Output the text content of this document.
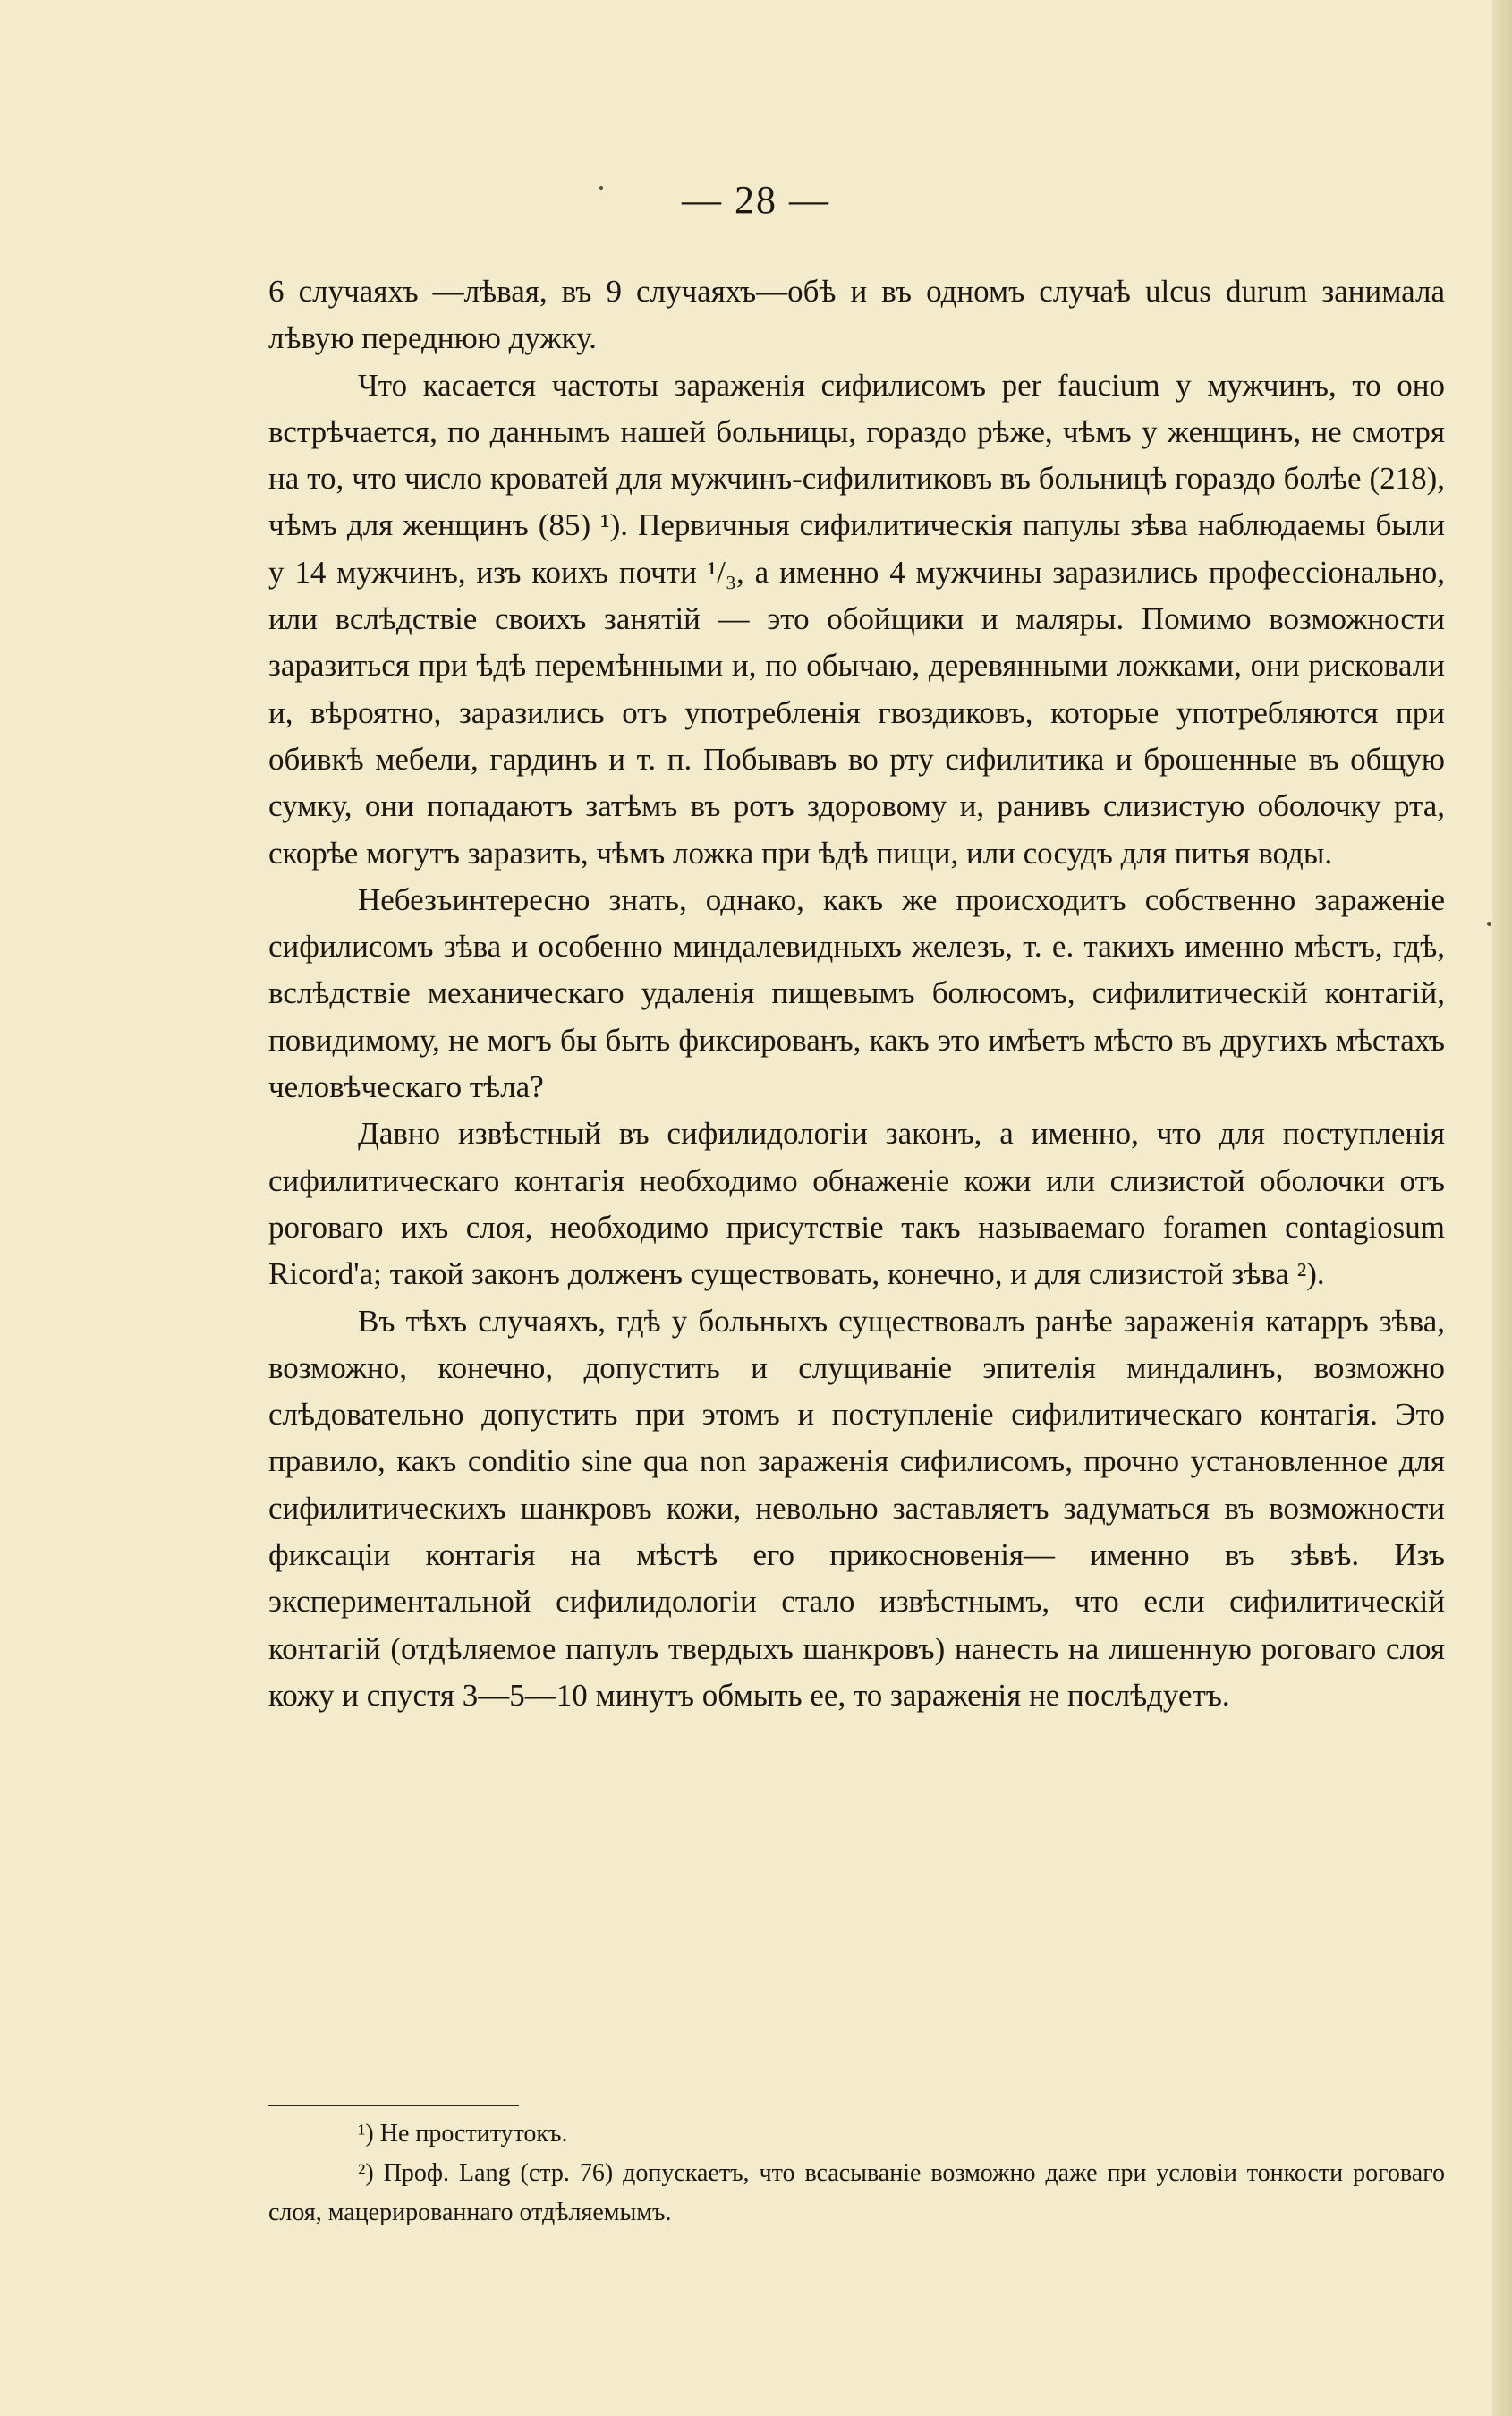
— 28 —

6 случаяхъ —лѣвая, въ 9 случаяхъ—обѣ и въ одномъ случаѣ ulcus durum занимала лѣвую переднюю дужку.

Что касается частоты зараженія сифилисомъ per faucium у мужчинъ, то оно встрѣчается, по даннымъ нашей больницы, гораздо рѣже, чѣмъ у женщинъ, не смотря на то, что число кроватей для мужчинъ-сифилитиковъ въ больницѣ гораздо болѣе (218), чѣмъ для женщинъ (85) ¹). Первичныя сифилитическія папулы зѣва наблюдаемы были у 14 мужчинъ, изъ коихъ почти ¹/₃, а именно 4 мужчины заразились профессіонально, или вслѣдствіе своихъ занятій — это обойщики и маляры. Помимо возможности заразиться при ѣдѣ перемѣнными и, по обычаю, деревянными ложками, они рисковали и, вѣроятно, заразились отъ употребленія гвоздиковъ, которые употребляются при обивкѣ мебели, гардинъ и т. п. Побывавъ во рту сифилитика и брошенные въ общую сумку, они попадаютъ затѣмъ въ ротъ здоровому и, ранивъ слизистую оболочку рта, скорѣе могутъ заразить, чѣмъ ложка при ѣдѣ пищи, или сосудъ для питья воды.

Небезъинтересно знать, однако, какъ же происходитъ собственно зараженіе сифилисомъ зѣва и особенно миндалевидныхъ железъ, т. е. такихъ именно мѣстъ, гдѣ, вслѣдствіе механическаго удаленія пищевымъ болюсомъ, сифилитическій контагій, повидимому, не могъ бы быть фиксированъ, какъ это имѣетъ мѣсто въ другихъ мѣстахъ человѣческаго тѣла?

Давно извѣстный въ сифилидологіи законъ, а именно, что для поступленія сифилитическаго контагія необходимо обнаженіе кожи или слизистой оболочки отъ роговаго ихъ слоя, необходимо присутствіе такъ называемаго foramen contagiosum Ricord'a; такой законъ долженъ существовать, конечно, и для слизистой зѣва ²).

Въ тѣхъ случаяхъ, гдѣ у больныхъ существовалъ ранѣе зараженія катарръ зѣва, возможно, конечно, допустить и слущиваніе эпителія миндалинъ, возможно слѣдовательно допустить при этомъ и поступленіе сифилитическаго контагія. Это правило, какъ conditio sine qua non зараженія сифилисомъ, прочно установленное для сифилитическихъ шанкровъ кожи, невольно заставляетъ задуматься въ возможности фиксаціи контагія на мѣстѣ его прикосновенія— именно въ зѣвѣ. Изъ экспериментальной сифилидологіи стало извѣстнымъ, что если сифилитическій контагій (отдѣляемое папулъ твердыхъ шанкровъ) нанесть на лишенную роговаго слоя кожу и спустя 3—5—10 минутъ обмыть ее, то зараженія не послѣдуетъ.

¹) Не проститутокъ.

²) Проф. Lang (стр. 76) допускаетъ, что всасываніе возможно даже при условіи тонкости роговаго слоя, мацерированнаго отдѣляемымъ.
